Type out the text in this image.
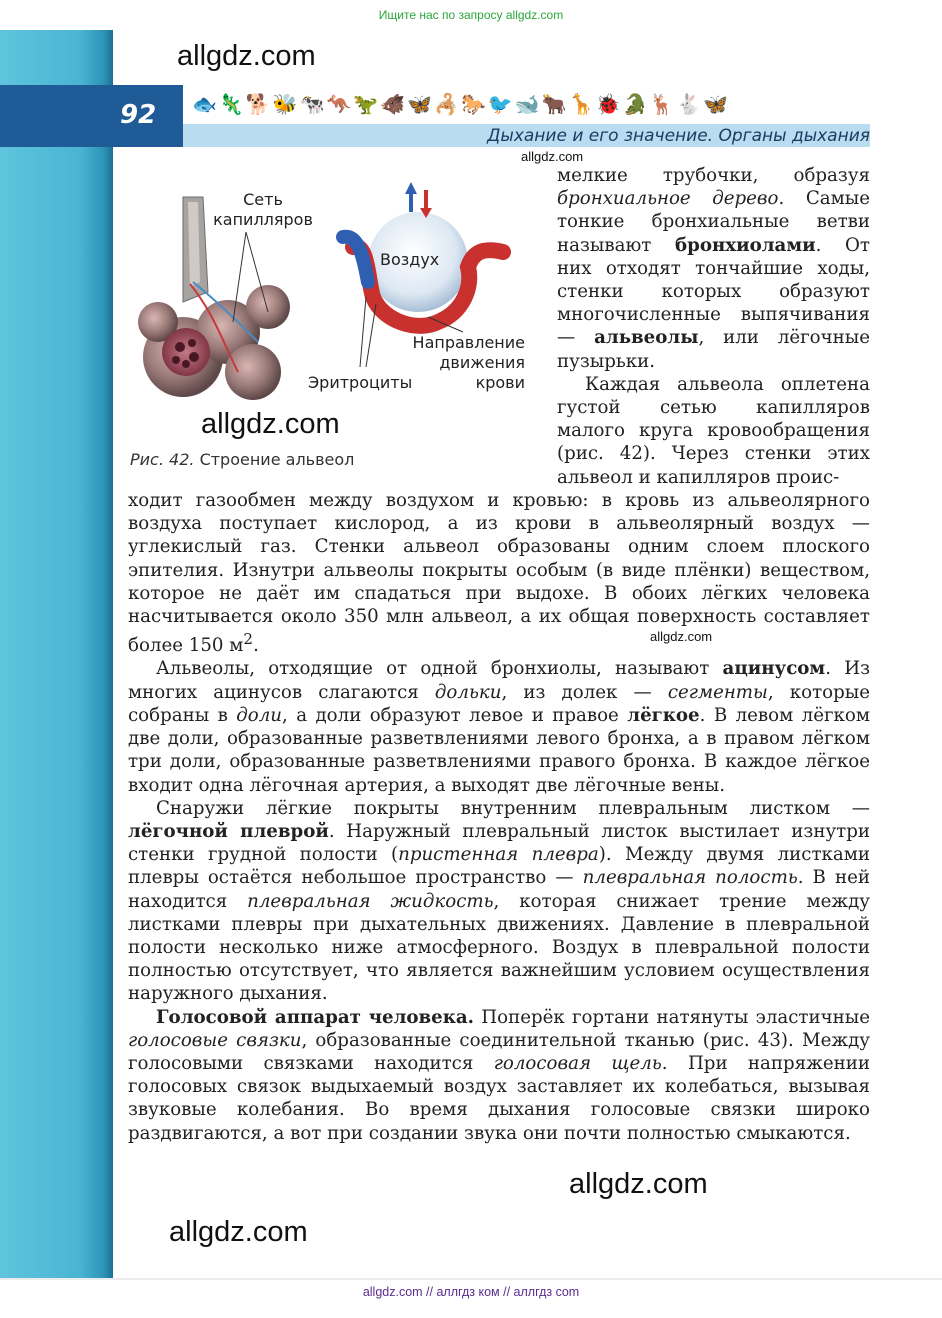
Ищите нас по запросу allgdz.com
92	🐟🦎🐕🐝🐄🦘🦖🐗🦋🦂🐎🐦🐋🐂🦒🐞🐊🦌🐇🦋
Дыхание и его значение. Органы дыхания
allgdz.com
allgdz.com
Сеть капилляров
Воздух
Направление движения крови
Эритроциты
allgdz.com
Рис. 42. Строение альвеол

мелкие трубочки, образуя бронхиальное дерево. Самые тонкие бронхиальные ветви называют бронхиолами. От них отходят тончайшие ходы, стенки которых образуют многочисленные выпячивания — альвеолы, или лёгочные пузырьки.

Каждая альвеола оплетена густой сетью капилляров малого круга кровообращения (рис. 42). Через стенки этих альвеол и капилляров проис-

ходит газообмен между воздухом и кровью: в кровь из альвеолярного воздуха поступает кислород, а из крови в альвеолярный воздух — углекислый газ. Стенки альвеол образованы одним слоем плоского эпителия. Изнутри альвеолы покрыты особым (в виде плёнки) веществом, которое не даёт им спадаться при выдохе. В обоих лёгких человека насчитывается около 350 млн альвеол, а их общая поверхность составляет более 150 $м^2$.

Альвеолы, отходящие от одной бронхиолы, называют ацинусом. Из многих ацинусов слагаются дольки, из долек — сегменты, которые собраны в доли, а доли образуют левое и правое лёгкое. В левом лёгком две доли, образованные разветвлениями левого бронха, а в правом лёгком три доли, образованные разветвлениями правого бронха. В каждое лёгкое входит одна лёгочная артерия, а выходят две лёгочные вены.

Снаружи лёгкие покрыты внутренним плевральным листком — лёгочной плеврой. Наружный плевральный листок выстилает изнутри стенки грудной полости (пристенная плевра). Между двумя листками плевры остаётся небольшое пространство — плевральная полость. В ней находится плевральная жидкость, которая снижает трение между листками плевры при дыхательных движениях. Давление в плевральной полости несколько ниже атмосферного. Воздух в плевральной полости полностью отсутствует, что является важнейшим условием осуществления наружного дыхания.

Голосовой аппарат человека. Поперёк гортани натянуты эластичные голосовые связки, образованные соединительной тканью (рис. 43). Между голосовыми связками находится голосовая щель. При напряжении голосовых связок выдыхаемый воздух заставляет их колебаться, вызывая звуковые колебания. Во время дыхания голосовые связки широко раздвигаются, а вот при создании звука они почти полностью смыкаются.

allgdz.com
allgdz.com
allgdz.com
allgdz.com // аллгдз ком // аллгдз com
